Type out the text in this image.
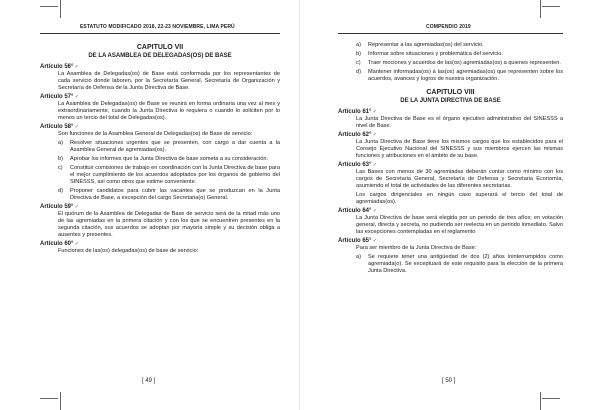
ESTATUTO MODIFICADO 2018, 22-23 NOVIEMBRE, LIMA PERÚ
CAPITULO VII
DE LA ASAMBLEA DE DELEGADAS(OS) DE BASE
Artículo 56° ✓
La Asamblea de Delegadas(os) de Base está conformada por los representantes de cada servicio donde laboren, por la Secretaría General, Secretaría de Organización y Secretaría de Defensa de la Junta Directiva de Base.
Artículo 57° ✓
La Asamblea de Delegadas(os) de Base se reunirá en forma ordinaria una vez al mes y extraordinariamente, cuando la Junta Directiva lo requiera o cuando lo soliciten por lo menos un tercio del total de Delegadas(os).
Artículo 58° ✓
Son funciones de la Asamblea General de Delegadas(os) de Base de servicio:
a)	Resolver situaciones urgentes que se presenten, con cargo a dar cuenta a la Asamblea General de agremiadas(os).
b)	Aprobar los informes que la Junta Directiva de base someta a su consideración.
c)	Constituir comisiones de trabajo en coordinación con la Junta Directiva de base para el mejor cumplimiento de los acuerdos adoptados por los órganos de gobierno del SINESSS, así como otros que estime conveniente.
d)	Proponer candidatos para cubrir las vacantes que se produzcan en la Junta Directiva de Base, a excepción del cargo Secretaria(o) General.
Artículo 59° ✓
El quórum de la Asamblea de Delegadas de Base de servicio será de la mitad más uno de las agremiadas en la primera citación y con los que se encuentren presentes en la segunda citación, sus acuerdos se adoptan por mayoría simple y su decisión obliga a ausentes y presentes.
Artículo 60° ✓
Funciones de las(os) delegadas(os) de base de servicio:
[ 49 ]
COMPENDIO 2019
a)	Representar a las agremiadas(os) del servicio.
b)	Informar sobre situaciones y problemática del servicio.
c)	Traer mociones y acuerdos de las(os) agremiadas(os) a quienes representen.
d)	Mantener informadas(os) a las(os) agremiadas(os) que representen sobre los acuerdos, avances y logros de nuestra organización.
CAPITULO VIII
DE LA JUNTA DIRECTIVA DE BASE
Artículo 61° ✓
La Junta Directiva de Base es el órgano ejecutivo administrativo del SINESSS a nivel de Base.
Artículo 62° ✓
La Junta Directiva de Base tiene los mismos cargos que los establecidos para el Consejo Ejecutivo Nacional del SINESSS y sus miembros ejercen las mismas funciones y atribuciones en el ámbito de su base.
Artículo 63° ✓
Las Bases con menos de 30 agremiadas deberán contar como mínimo con los cargos de Secretaria General, Secretaría de Defensa y Secretaria Economía, asumiendo el total de actividades de las diferentes secretarias.
Los cargos dirigenciales en ningún caso superará el tercio del total de agremiadas(os).
Artículo 64° ✓
La Junta Directiva de base será elegida por un periodo de tres años; en votación general, directa y secreta, no pudiendo ser reelecta en un periodo inmediato. Salvo las excepciones contempladas en el reglamento
Artículo 65° ✓
Para ser miembro de la Junta Directiva de Base:
a)	Se requiere tener una antigüedad de dos (2) años ininterrumpidos como agremiada(o). Se exceptuará de este requisito para la elección de la primera Junta Directiva.
[ 50 ]
